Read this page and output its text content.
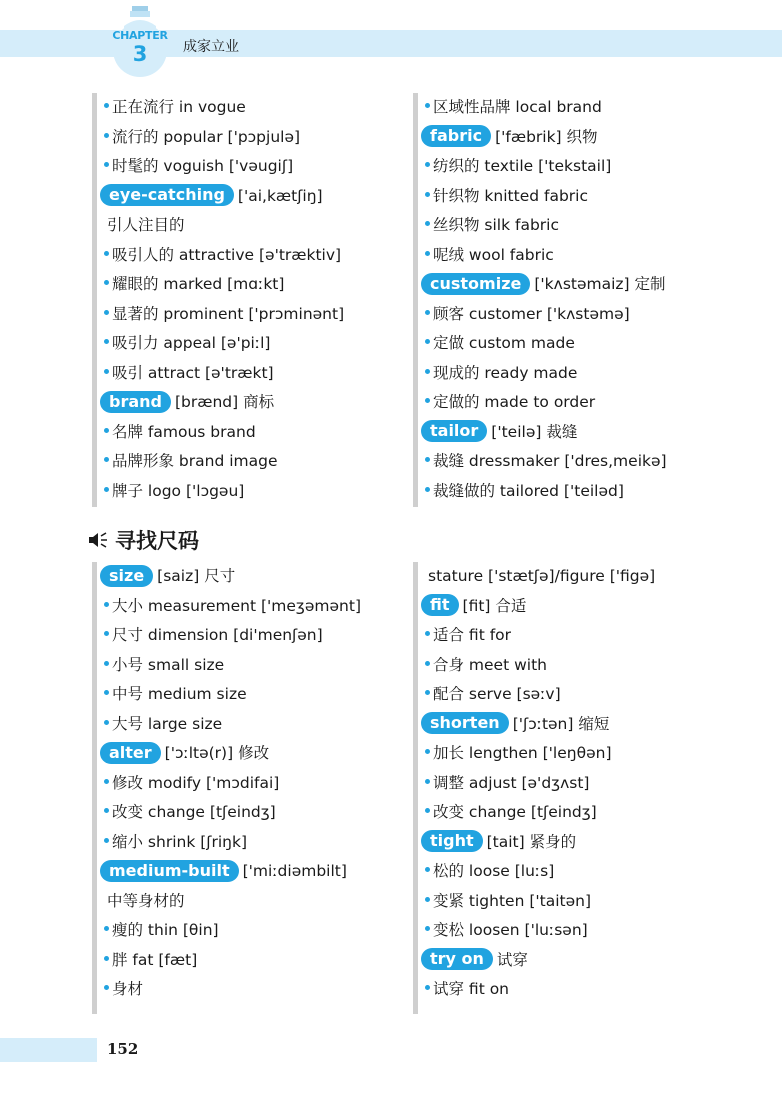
CHAPTER
3	成家立业
正在流行 in vogue
流行的 popular ['pɔpjulə]
时髦的 voguish ['vəugiʃ]
eye-catching ['ai,kætʃiŋ]
引人注目的
吸引人的 attractive [ə'træktiv]
耀眼的 marked [mɑːkt]
显著的 prominent ['prɔminənt]
吸引力 appeal [ə'piːl]
吸引 attract [ə'trækt]
brand [brænd] 商标
名牌 famous brand
品牌形象 brand image
牌子 logo ['lɔgəu]
区域性品牌 local brand
fabric ['fæbrik] 织物
纺织的 textile ['tekstail]
针织物 knitted fabric
丝织物 silk fabric
呢绒 wool fabric
customize ['kʌstəmaiz] 定制
顾客 customer ['kʌstəmə]
定做 custom made
现成的 ready made
定做的 made to order
tailor ['teilə] 裁缝
裁缝 dressmaker ['dres,meikə]
裁缝做的 tailored ['teiləd]
寻找尺码
size [saiz] 尺寸
大小 measurement ['meʒəmənt]
尺寸 dimension [di'menʃən]
小号 small size
中号 medium size
大号 large size
alter ['ɔːltə(r)] 修改
修改 modify ['mɔdifai]
改变 change [tʃeindʒ]
缩小 shrink [ʃriŋk]
medium-built ['miːdiəmbilt]
中等身材的
瘦的 thin [θin]
胖 fat [fæt]
身材
stature ['stætʃə]/figure ['figə]
fit [fit] 合适
适合 fit for
合身 meet with
配合 serve [səːv]
shorten ['ʃɔːtən] 缩短
加长 lengthen ['leŋθən]
调整 adjust [ə'dʒʌst]
改变 change [tʃeindʒ]
tight [tait] 紧身的
松的 loose [luːs]
变紧 tighten ['taitən]
变松 loosen ['luːsən]
try on 试穿
试穿 fit on
152
